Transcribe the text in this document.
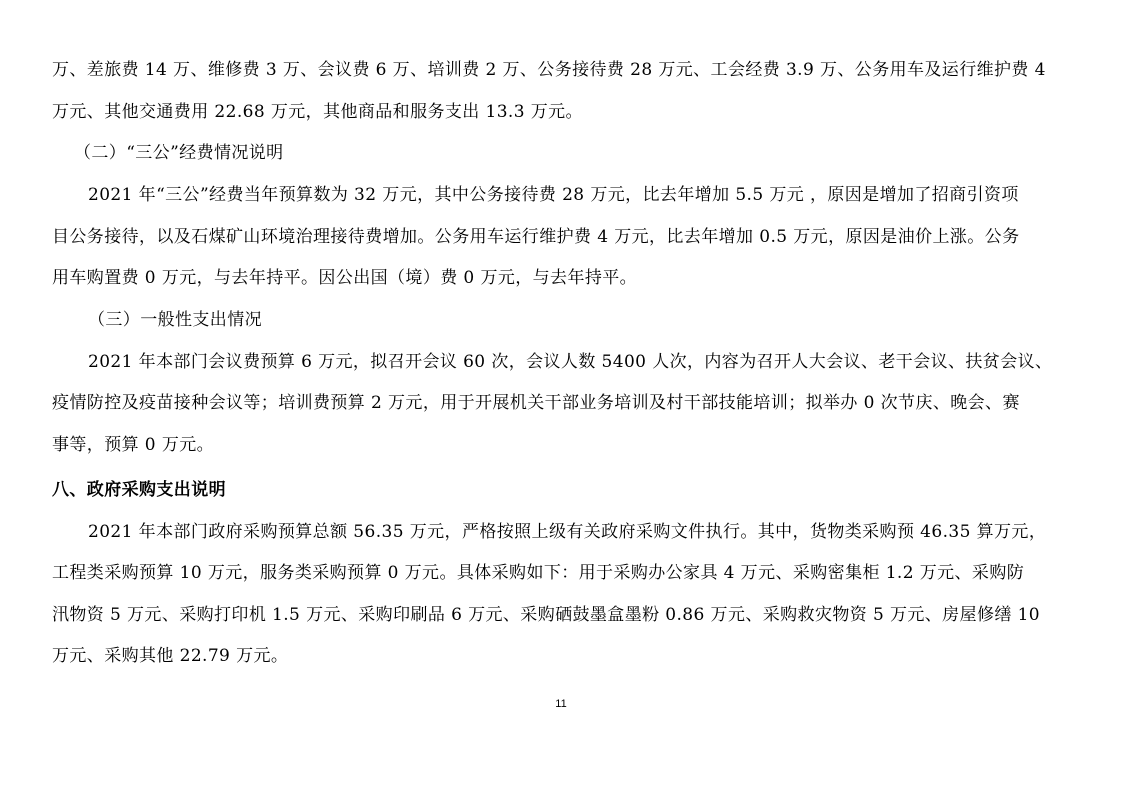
万、差旅费 14 万、维修费 3 万、会议费 6 万、培训费 2 万、公务接待费 28 万元、工会经费 3.9 万、公务用车及运行维护费 4
万元、其他交通费用 22.68 万元，其他商品和服务支出 13.3 万元。
（二）“三公”经费情况说明
2021 年“三公”经费当年预算数为 32 万元，其中公务接待费 28 万元，比去年增加 5.5 万元 ，原因是增加了招商引资项
目公务接待，以及石煤矿山环境治理接待费增加。公务用车运行维护费 4 万元，比去年增加 0.5 万元，原因是油价上涨。公务
用车购置费 0 万元，与去年持平。因公出国（境）费 0 万元，与去年持平。
（三）一般性支出情况
2021 年本部门会议费预算 6 万元，拟召开会议 60 次，会议人数 5400 人次，内容为召开人大会议、老干会议、扶贫会议、
疫情防控及疫苗接种会议等；培训费预算 2 万元，用于开展机关干部业务培训及村干部技能培训；拟举办 0 次节庆、晚会、赛
事等，预算 0 万元。
八、政府采购支出说明
2021 年本部门政府采购预算总额 56.35 万元，严格按照上级有关政府采购文件执行。其中，货物类采购预 46.35 算万元，
工程类采购预算 10 万元，服务类采购预算 0 万元。具体采购如下：用于采购办公家具 4 万元、采购密集柜 1.2 万元、采购防
汛物资 5 万元、采购打印机 1.5 万元、采购印刷品 6 万元、采购硒鼓墨盒墨粉 0.86 万元、采购救灾物资 5 万元、房屋修缮 10
万元、采购其他 22.79 万元。
11
